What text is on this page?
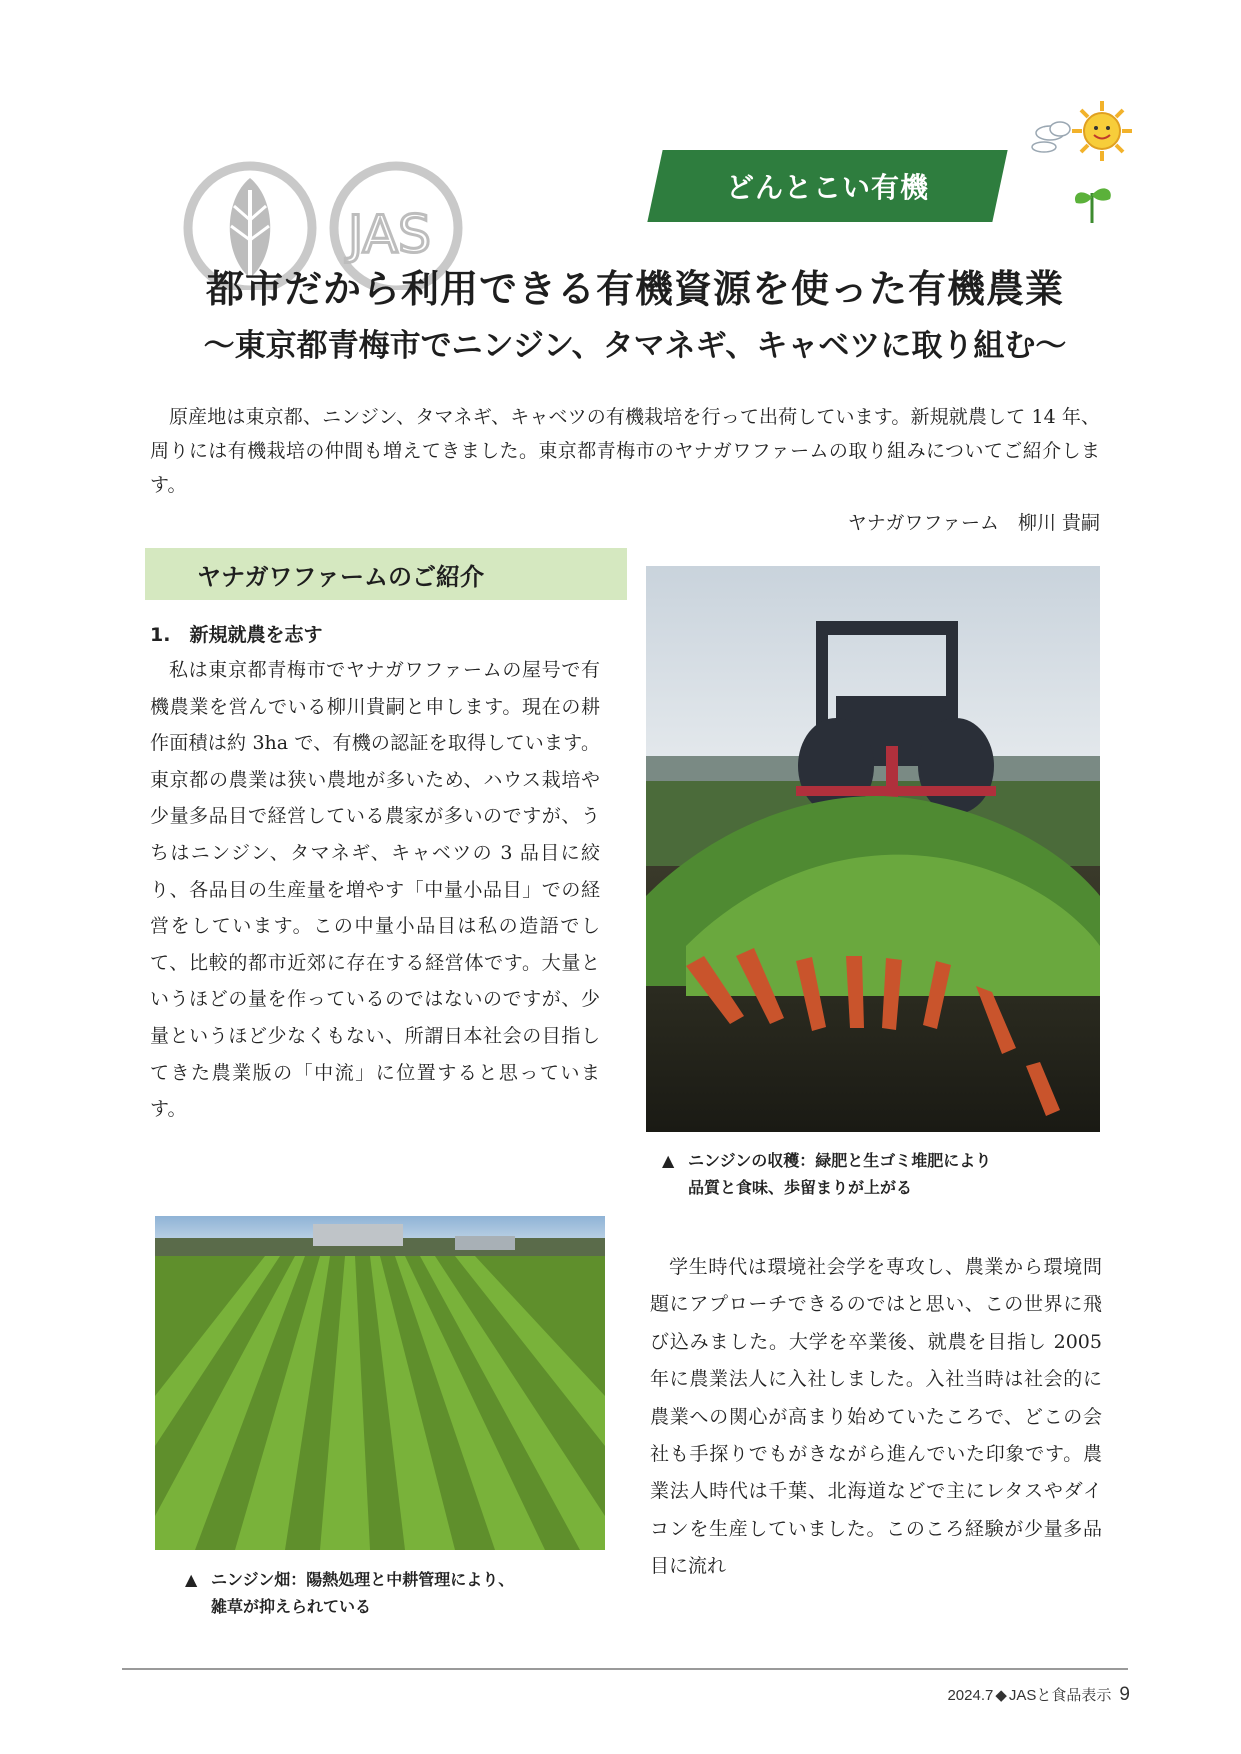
JAS
どんとこい有機
都市だから利用できる有機資源を使った有機農業
～東京都青梅市でニンジン、タマネギ、キャベツに取り組む～
原産地は東京都、ニンジン、タマネギ、キャベツの有機栽培を行って出荷しています。新規就農して 14 年、周りには有機栽培の仲間も増えてきました。東京都青梅市のヤナガワファームの取り組みについてご紹介します。
ヤナガワファーム　柳川 貴嗣
ヤナガワファームのご紹介
1.　新規就農を志す
私は東京都青梅市でヤナガワファームの屋号で有機農業を営んでいる柳川貴嗣と申します。現在の耕作面積は約 3ha で、有機の認証を取得しています。東京都の農業は狭い農地が多いため、ハウス栽培や少量多品目で経営している農家が多いのですが、うちはニンジン、タマネギ、キャベツの 3 品目に絞り、各品目の生産量を増やす「中量小品目」での経営をしています。この中量小品目は私の造語でして、比較的都市近郊に存在する経営体です。大量というほどの量を作っているのではないのですが、少量というほど少なくもない、所謂日本社会の目指してきた農業版の「中流」に位置すると思っています。
▲ ニンジンの収穫：緑肥と生ゴミ堆肥により
品質と食味、歩留まりが上がる
▲ ニンジン畑：陽熱処理と中耕管理により、
雑草が抑えられている
学生時代は環境社会学を専攻し、農業から環境問題にアプローチできるのではと思い、この世界に飛び込みました。大学を卒業後、就農を目指し 2005 年に農業法人に入社しました。入社当時は社会的に農業への関心が高まり始めていたころで、どこの会社も手探りでもがきながら進んでいた印象です。農業法人時代は千葉、北海道などで主にレタスやダイコンを生産していました。このころ経験が少量多品目に流れ
2024.7 ◆ JASと食品表示 9
